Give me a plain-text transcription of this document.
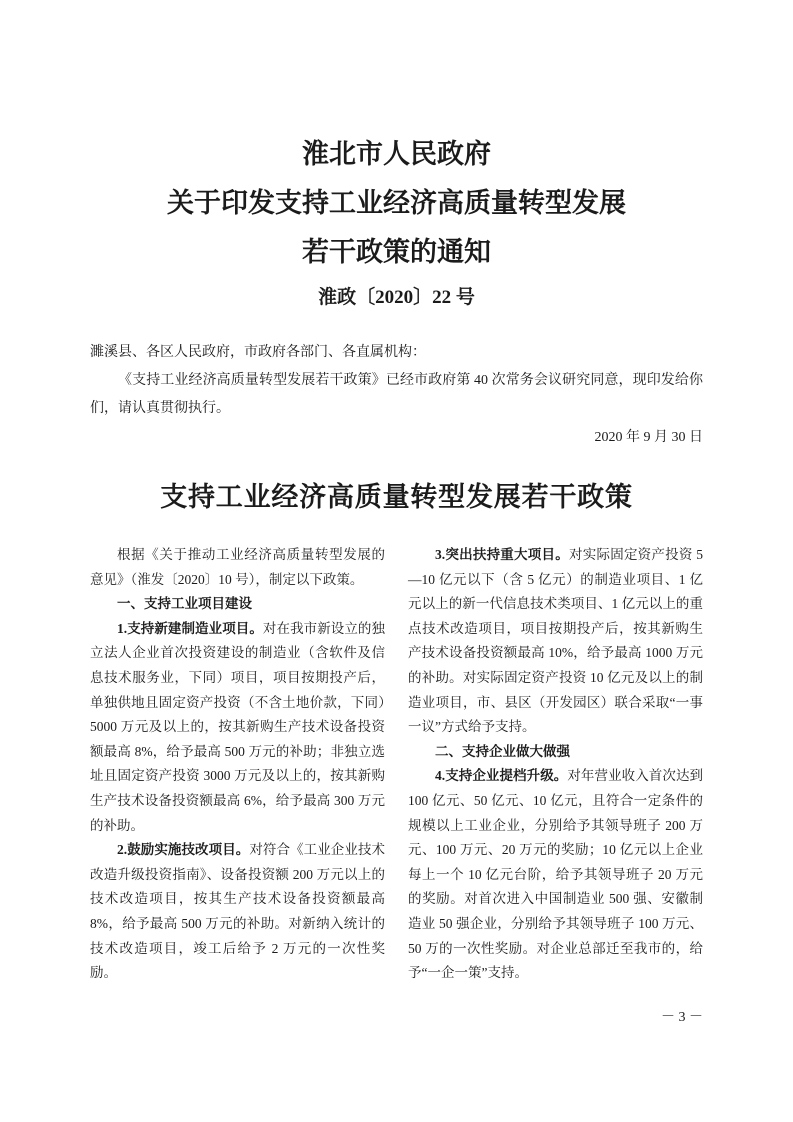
淮北市人民政府
关于印发支持工业经济高质量转型发展
若干政策的通知
淮政〔2020〕22 号
濉溪县、各区人民政府，市政府各部门、各直属机构：

《支持工业经济高质量转型发展若干政策》已经市政府第 40 次常务会议研究同意，现印发给你们，请认真贯彻执行。

2020 年 9 月 30 日
支持工业经济高质量转型发展若干政策

根据《关于推动工业经济高质量转型发展的意见》（淮发〔2020〕10 号），制定以下政策。

一、支持工业项目建设

1.支持新建制造业项目。对在我市新设立的独立法人企业首次投资建设的制造业（含软件及信息技术服务业，下同）项目，项目按期投产后，单独供地且固定资产投资（不含土地价款，下同）5000 万元及以上的，按其新购生产技术设备投资额最高 8%，给予最高 500 万元的补助；非独立选址且固定资产投资 3000 万元及以上的，按其新购生产技术设备投资额最高 6%，给予最高 300 万元的补助。

2.鼓励实施技改项目。对符合《工业企业技术改造升级投资指南》、设备投资额 200 万元以上的技术改造项目，按其生产技术设备投资额最高 8%，给予最高 500 万元的补助。对新纳入统计的技术改造项目，竣工后给予 2 万元的一次性奖励。

3.突出扶持重大项目。对实际固定资产投资 5—10 亿元以下（含 5 亿元）的制造业项目、1 亿元以上的新一代信息技术类项目、1 亿元以上的重点技术改造项目，项目按期投产后，按其新购生产技术设备投资额最高 10%，给予最高 1000 万元的补助。对实际固定资产投资 10 亿元及以上的制造业项目，市、县区（开发园区）联合采取“一事一议”方式给予支持。

二、支持企业做大做强

4.支持企业提档升级。对年营业收入首次达到 100 亿元、50 亿元、10 亿元，且符合一定条件的规模以上工业企业，分别给予其领导班子 200 万元、100 万元、20 万元的奖励；10 亿元以上企业每上一个 10 亿元台阶，给予其领导班子 20 万元的奖励。对首次进入中国制造业 500 强、安徽制造业 50 强企业，分别给予其领导班子 100 万元、50 万的一次性奖励。对企业总部迁至我市的，给予“一企一策”支持。

－ 3 －
